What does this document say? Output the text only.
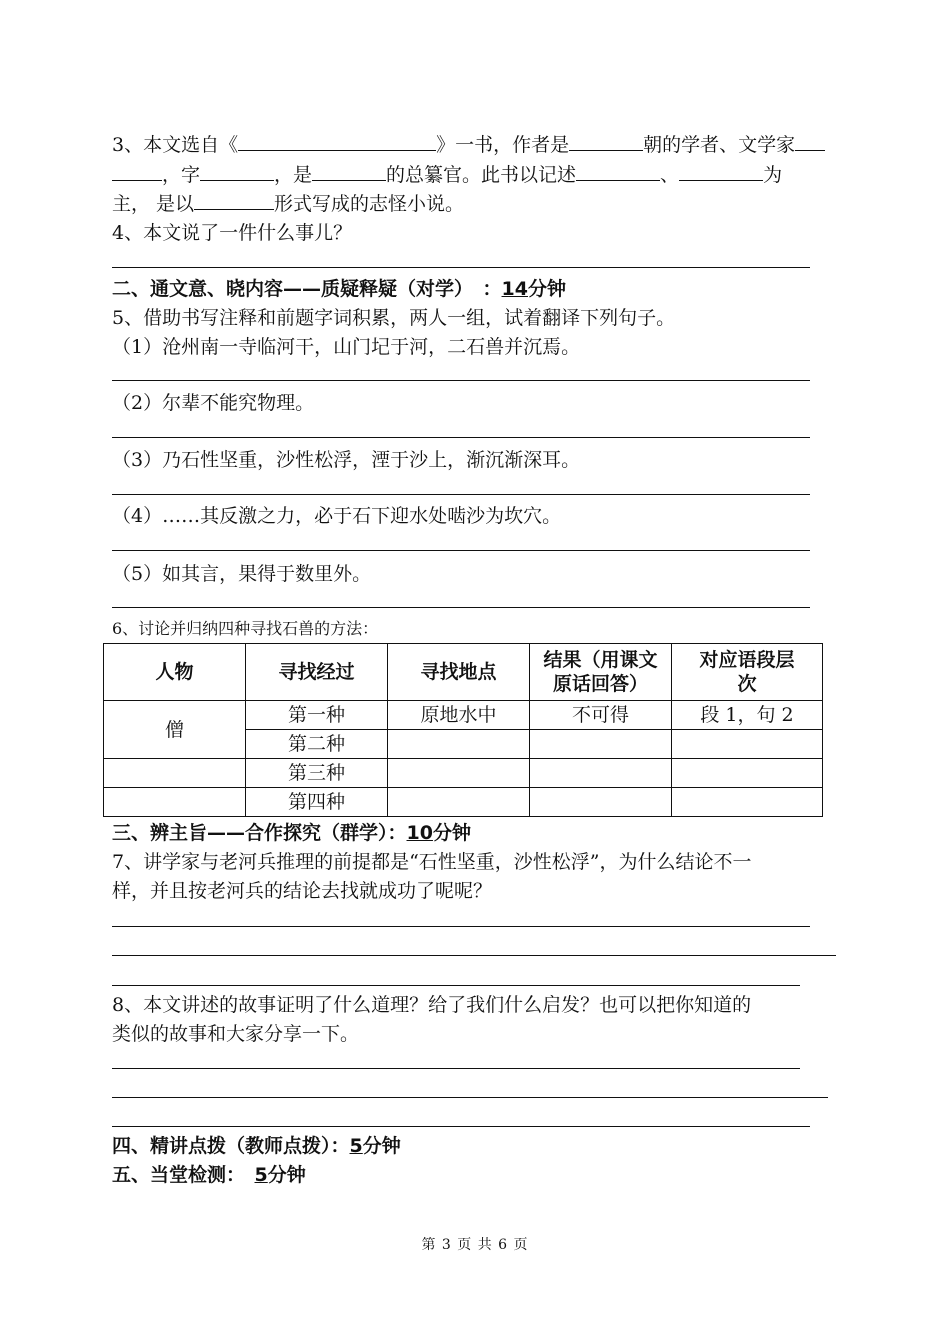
3、本文选自《	》一书，作者是	朝的学者、文学家
，字	，是	的总纂官。此书以记述	、	为
主， 是以	形式写成的志怪小说。
4、本文说了一件什么事儿？
二、通文意、晓内容——质疑释疑（对学）　：14分钟
5、借助书写注释和前题字词积累，两人一组，试着翻译下列句子。
（1）沧州南一寺临河干，山门圮于河，二石兽并沉焉。
（2）尔辈不能究物理。
（3）乃石性坚重，沙性松浮，湮于沙上，渐沉渐深耳。
（4）……其反激之力，必于石下迎水处啮沙为坎穴。
（5）如其言，果得于数里外。
6、讨论并归纳四种寻找石兽的方法：
人物	寻找经过	寻找地点	结果（用课文原话回答）	对应语段层次

僧	第一种	原地水中	不可得	段 1，句 2
	第二种			
	第三种			
	第四种			
三、辨主旨——合作探究（群学）：10分钟
7、讲学家与老河兵推理的前提都是“石性坚重，沙性松浮”，为什么结论不一
样，并且按老河兵的结论去找就成功了呢呢？
8、本文讲述的故事证明了什么道理？给了我们什么启发？也可以把你知道的
类似的故事和大家分享一下。
四、精讲点拨（教师点拨）：5分钟
五、当堂检测：　5分钟
第 3 页 共 6 页
